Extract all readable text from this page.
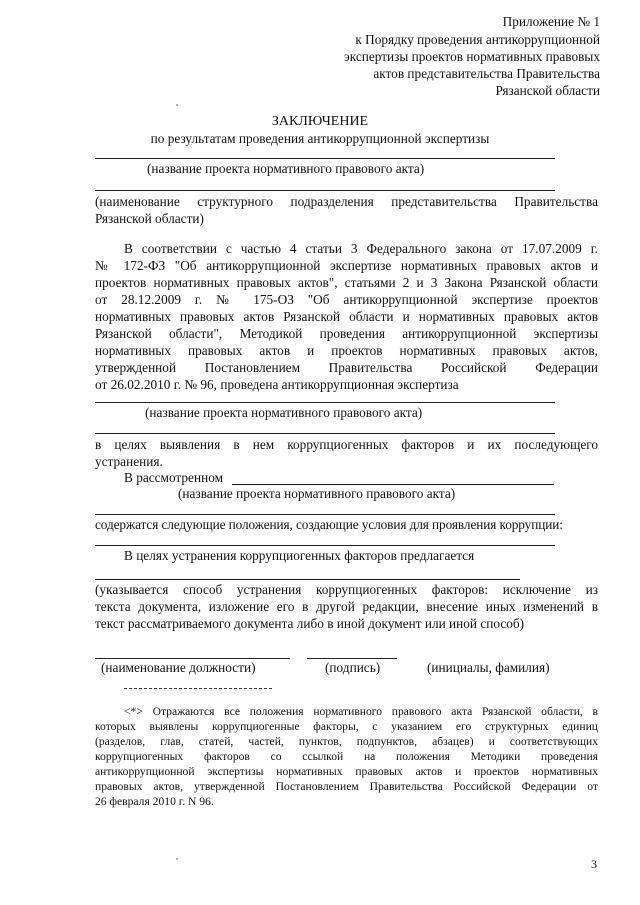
Приложение № 1
к Порядку проведения антикоррупционной
экспертизы проектов нормативных правовых
актов представительства Правительства
Рязанской области
ЗАКЛЮЧЕНИЕ
по результатам проведения антикоррупционной экспертизы
(название проекта нормативного правового акта)
(наименование структурного подразделения представительства Правительства
Рязанской области)
В соответствии с частью 4 статьи 3 Федерального закона от 17.07.2009 г.
№ 172-ФЗ "Об антикоррупционной экспертизе нормативных правовых актов и
проектов нормативных правовых актов", статьями 2 и 3 Закона Рязанской области
от 28.12.2009 г. № 175-ОЗ "Об антикоррупционной экспертизе проектов
нормативных правовых актов Рязанской области и нормативных правовых актов
Рязанской области", Методикой проведения антикоррупционной экспертизы
нормативных правовых актов и проектов нормативных правовых актов,
утвержденной Постановлением Правительства Российской Федерации
от 26.02.2010 г. № 96, проведена антикоррупционная экспертиза
(название проекта нормативного правового акта)
в целях выявления в нем коррупциогенных факторов и их последующего
устранения.
В рассмотренном
(название проекта нормативного правового акта)
содержатся следующие положения, создающие условия для проявления коррупции:
В целях устранения коррупциогенных факторов предлагается
(указывается способ устранения коррупциогенных факторов: исключение из
текста документа, изложение его в другой редакции, внесение иных изменений в
текст рассматриваемого документа либо в иной документ или иной способ)
(наименование должности)	(подпись)	(инициалы, фамилия)
<*> Отражаются все положения нормативного правового акта Рязанской области, в
которых выявлены коррупциогенные факторы, с указанием его структурных единиц
(разделов, глав, статей, частей, пунктов, подпунктов, абзацев) и соответствующих
коррупциогенных факторов со ссылкой на положения Методики проведения
антикоррупционной экспертизы нормативных правовых актов и проектов нормативных
правовых актов, утвержденной Постановлением Правительства Российской Федерации от
26 февраля 2010 г. N 96.
3
